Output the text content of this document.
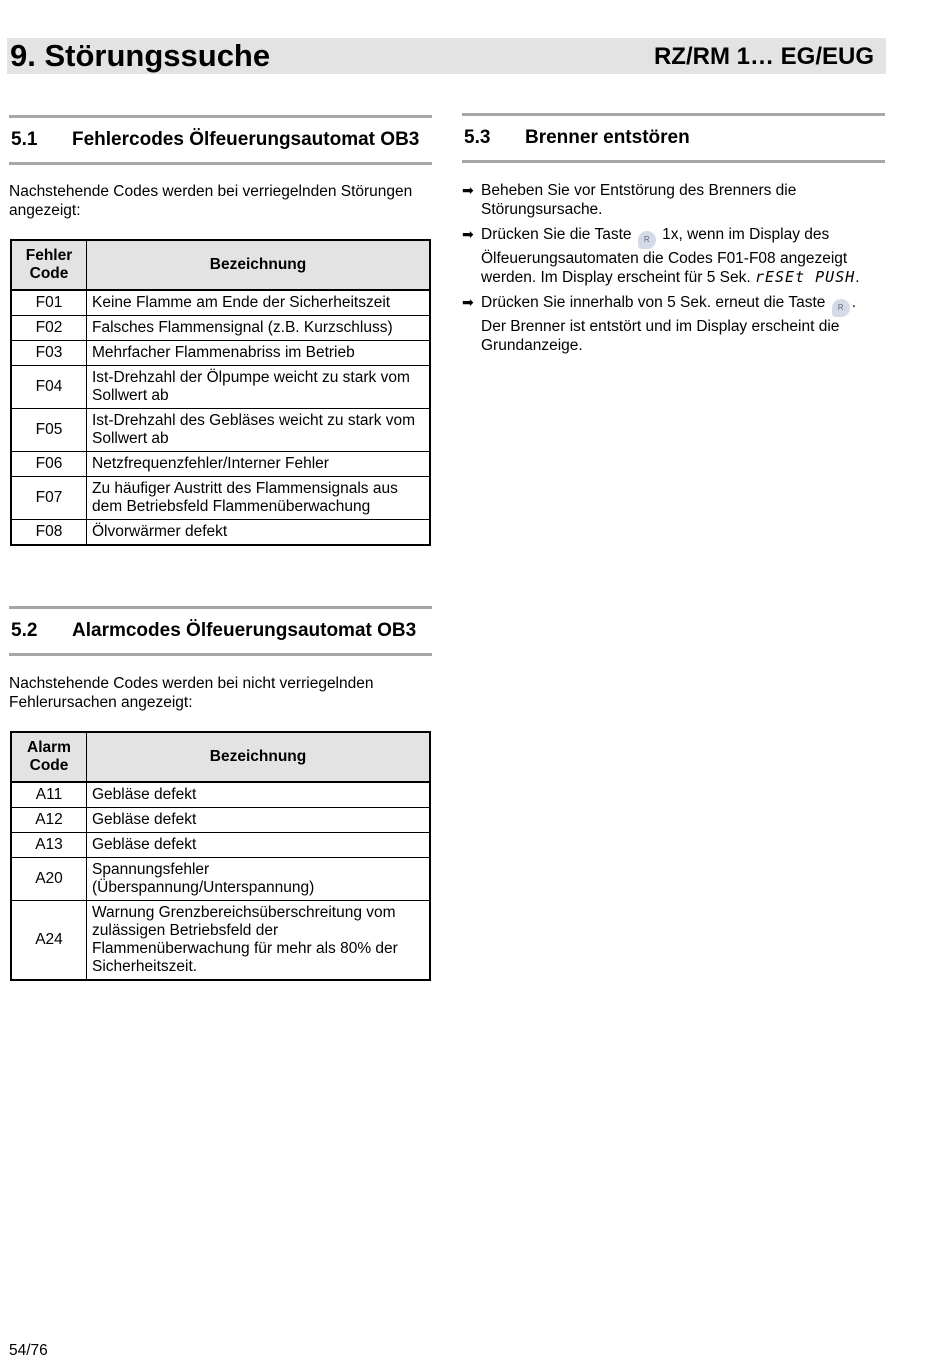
9. Störungssuche	RZ/RM 1… EG/EUG
5.1 Fehlercodes Ölfeuerungsautomat OB3
Nachstehende Codes werden bei verriegelnden Störungen angezeigt:
Fehler Code	Bezeichnung
F01	Keine Flamme am Ende der Sicherheitszeit
F02	Falsches Flammensignal (z.B. Kurzschluss)
F03	Mehrfacher Flammenabriss im Betrieb
F04	Ist-Drehzahl der Ölpumpe weicht zu stark vom Sollwert ab
F05	Ist-Drehzahl des Gebläses weicht zu stark vom Sollwert ab
F06	Netzfrequenzfehler/Interner Fehler
F07	Zu häufiger Austritt des Flammensignals aus dem Betriebsfeld Flammenüberwachung
F08	Ölvorwärmer defekt
5.2 Alarmcodes Ölfeuerungsautomat OB3
Nachstehende Codes werden bei nicht verriegelnden Fehlerursachen angezeigt:
Alarm Code	Bezeichnung
A11	Gebläse defekt
A12	Gebläse defekt
A13	Gebläse defekt
A20	Spannungsfehler (Überspannung/Unterspannung)
A24	Warnung Grenzbereichsüberschreitung vom zulässigen Betriebsfeld der Flammenüberwachung für mehr als 80% der Sicherheitszeit.
5.3 Brenner entstören
➡ Beheben Sie vor Entstörung des Brenners die Störungsursache.
➡ Drücken Sie die Taste R 1x, wenn im Display des Ölfeuerungsautomaten die Codes F01-F08 angezeigt werden. Im Display erscheint für 5 Sek. rESEt PUSH.
➡ Drücken Sie innerhalb von 5 Sek. erneut die Taste R . Der Brenner ist entstört und im Display erscheint die Grundanzeige.
54/76
